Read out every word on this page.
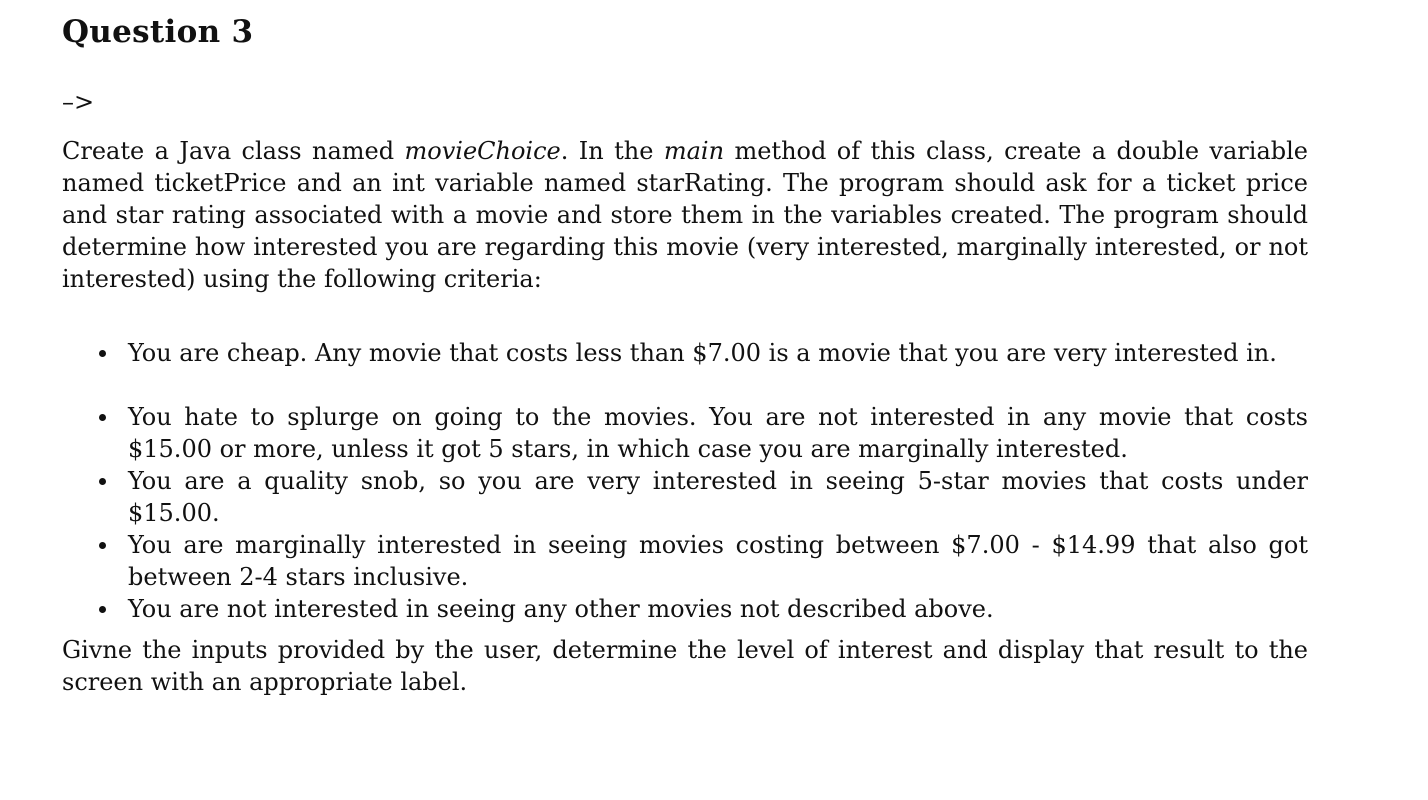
Question 3
–>

Create a Java class named movieChoice. In the main method of this class, create a double variable named ticketPrice and an int variable named starRating. The program should ask for a ticket price and star rating associated with a movie and store them in the variables created. The program should determine how interested you are regarding this movie (very interested, marginally interested, or not interested) using the following criteria:

You are cheap. Any movie that costs less than $7.00 is a movie that you are very interested in.
You hate to splurge on going to the movies. You are not interested in any movie that costs $15.00 or more, unless it got 5 stars, in which case you are marginally interested.
You are a quality snob, so you are very interested in seeing 5-star movies that costs under $15.00.
You are marginally interested in seeing movies costing between $7.00 - $14.99 that also got between 2-4 stars inclusive.
You are not interested in seeing any other movies not described above.

Givne the inputs provided by the user, determine the level of interest and display that result to the screen with an appropriate label.
